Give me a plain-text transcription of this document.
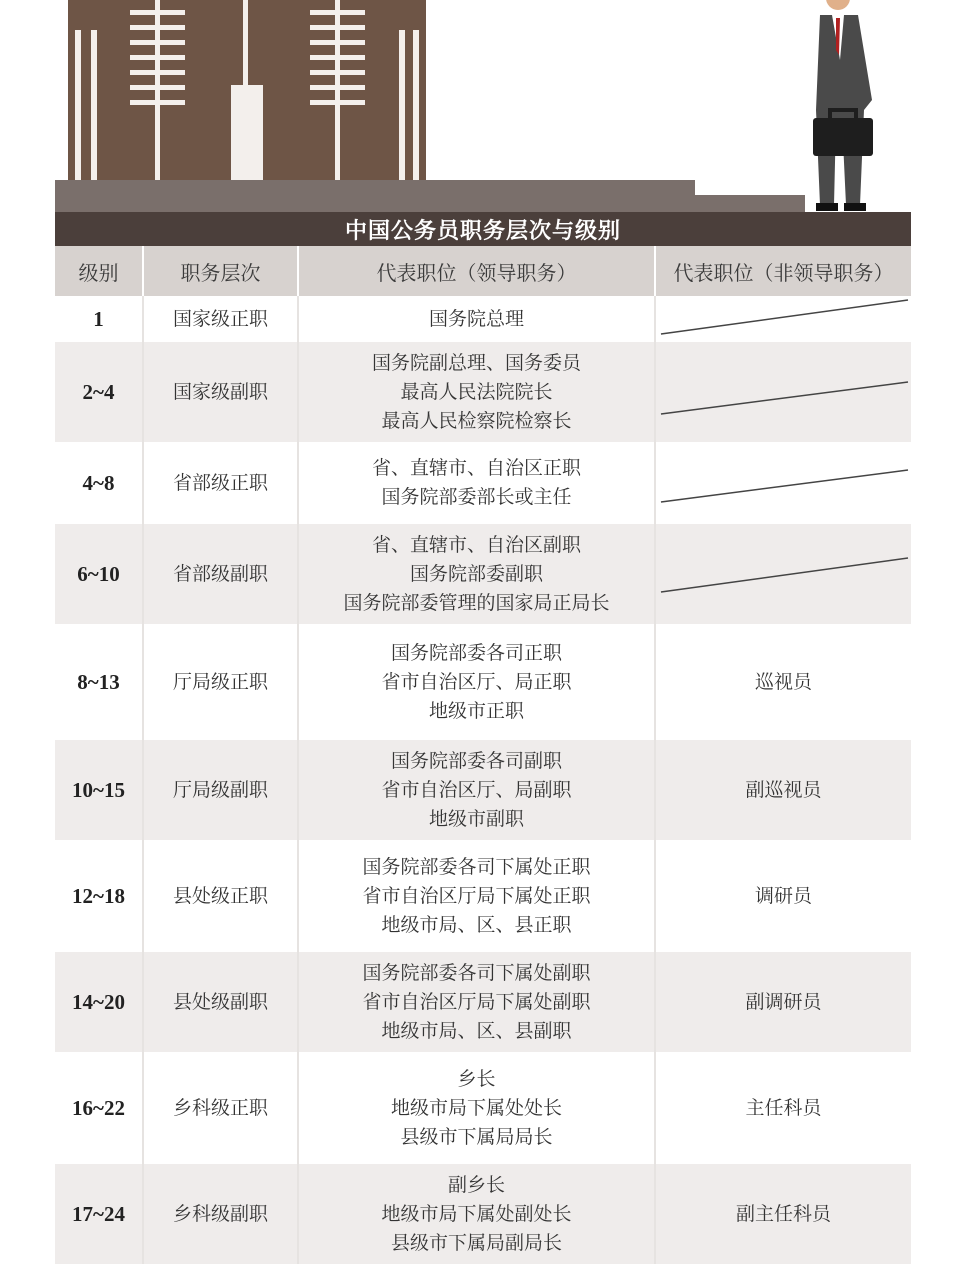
中国公务员职务层次与级别
级别	职务层次	代表职位（领导职务）	代表职位（非领导职务）
1	国家级正职	国务院总理

2~4	国家级副职	国务院副总理、国务委员
最高人民法院院长
最高人民检察院检察长

4~8	省部级正职	省、直辖市、自治区正职
国务院部委部长或主任

6~10	省部级副职	省、直辖市、自治区副职
国务院部委副职
国务院部委管理的国家局正局长

8~13	厅局级正职	国务院部委各司正职
省市自治区厅、局正职
地级市正职	巡视员
10~15	厅局级副职	国务院部委各司副职
省市自治区厅、局副职
地级市副职	副巡视员
12~18	县处级正职	国务院部委各司下属处正职
省市自治区厅局下属处正职
地级市局、区、县正职	调研员
14~20	县处级副职	国务院部委各司下属处副职
省市自治区厅局下属处副职
地级市局、区、县副职	副调研员
16~22	乡科级正职	乡长
地级市局下属处处长
县级市下属局局长	主任科员
17~24	乡科级副职	副乡长
地级市局下属处副处长
县级市下属局副局长	副主任科员
